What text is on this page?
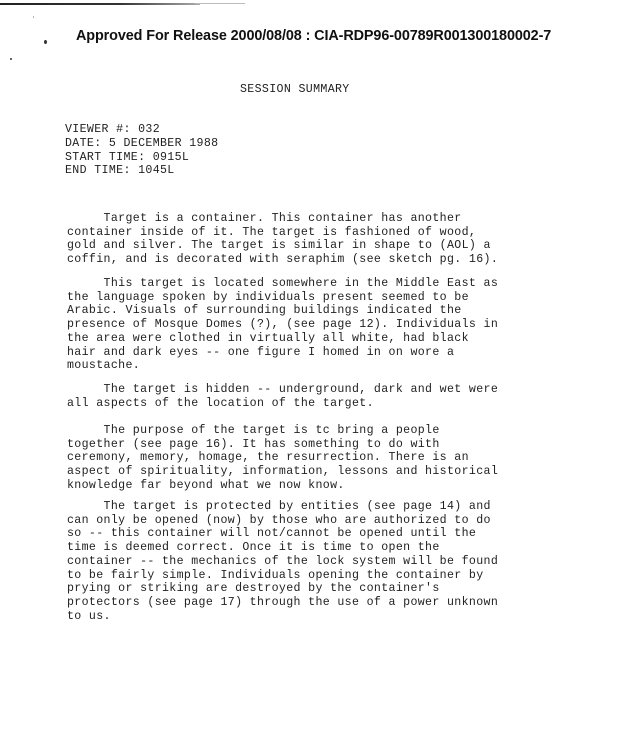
Approved For Release 2000/08/08 : CIA-RDP96-00789R001300180002-7
SESSION SUMMARY
VIEWER #: 032
DATE: 5 DECEMBER 1988
START TIME: 0915L
END TIME: 1045L
Target is a container. This container has another
container inside of it. The target is fashioned of wood,
gold and silver. The target is similar in shape to (AOL) a
coffin, and is decorated with seraphim (see sketch pg. 16).
This target is located somewhere in the Middle East as
the language spoken by individuals present seemed to be
Arabic. Visuals of surrounding buildings indicated the
presence of Mosque Domes (?), (see page 12). Individuals in
the area were clothed in virtually all white, had black
hair and dark eyes -- one figure I homed in on wore a
moustache.
The target is hidden -- underground, dark and wet were
all aspects of the location of the target.
The purpose of the target is tc bring a people
together (see page 16). It has something to do with
ceremony, memory, homage, the resurrection. There is an
aspect of spirituality, information, lessons and historical
knowledge far beyond what we now know.
The target is protected by entities (see page 14) and
can only be opened (now) by those who are authorized to do
so -- this container will not/cannot be opened until the
time is deemed correct. Once it is time to open the
container -- the mechanics of the lock system will be found
to be fairly simple. Individuals opening the container by
prying or striking are destroyed by the container's
protectors (see page 17) through the use of a power unknown
to us.
